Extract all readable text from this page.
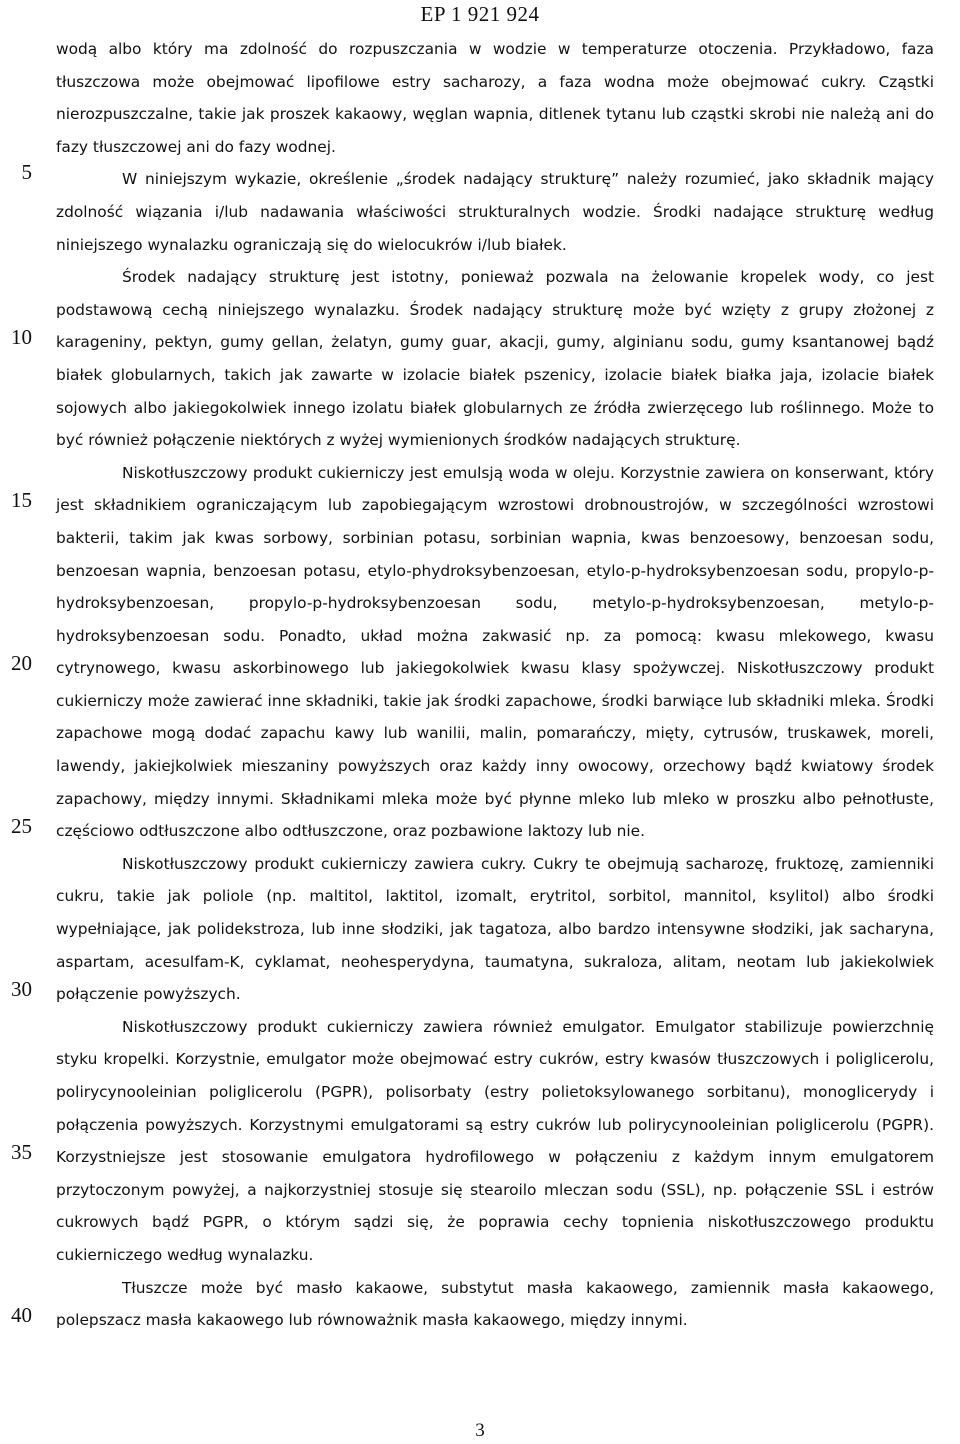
EP 1 921 924
5
10
15
20
25
30
35
40

wodą albo który ma zdolność do rozpuszczania w wodzie w temperaturze otoczenia. Przykładowo, faza tłuszczowa może obejmować lipofilowe estry sacharozy, a faza wodna może obejmować cukry. Cząstki nierozpuszczalne, takie jak proszek kakaowy, węglan wapnia, ditlenek tytanu lub cząstki skrobi nie należą ani do fazy tłuszczowej ani do fazy wodnej.

W niniejszym wykazie, określenie „środek nadający strukturę” należy rozumieć, jako składnik mający zdolność wiązania i/lub nadawania właściwości strukturalnych wodzie. Środki nadające strukturę według niniejszego wynalazku ograniczają się do wielocukrów i/lub białek.

Środek nadający strukturę jest istotny, ponieważ pozwala na żelowanie kropelek wody, co jest podstawową cechą niniejszego wynalazku. Środek nadający strukturę może być wzięty z grupy złożonej z karageniny, pektyn, gumy gellan, żelatyn, gumy guar, akacji, gumy, alginianu sodu, gumy ksantanowej bądź białek globularnych, takich jak zawarte w izolacie białek pszenicy, izolacie białek białka jaja, izolacie białek sojowych albo jakiegokolwiek innego izolatu białek globularnych ze źródła zwierzęcego lub roślinnego. Może to być również połączenie niektórych z wyżej wymienionych środków nadających strukturę.

Niskotłuszczowy produkt cukierniczy jest emulsją woda w oleju. Korzystnie zawiera on konserwant, który jest składnikiem ograniczającym lub zapobiegającym wzrostowi drobnoustrojów, w szczególności wzrostowi bakterii, takim jak kwas sorbowy, sorbinian potasu, sorbinian wapnia, kwas benzoesowy, benzoesan sodu, benzoesan wapnia, benzoesan potasu, etylo-phydroksybenzoesan, etylo-p-hydroksybenzoesan sodu, propylo-p-hydroksybenzoesan, propylo-p-hydroksybenzoesan sodu, metylo-p-hydroksybenzoesan, metylo-p-hydroksybenzoesan sodu. Ponadto, układ można zakwasić np. za pomocą: kwasu mlekowego, kwasu cytrynowego, kwasu askorbinowego lub jakiegokolwiek kwasu klasy spożywczej. Niskotłuszczowy produkt cukierniczy może zawierać inne składniki, takie jak środki zapachowe, środki barwiące lub składniki mleka. Środki zapachowe mogą dodać zapachu kawy lub wanilii, malin, pomarańczy, mięty, cytrusów, truskawek, moreli, lawendy, jakiejkolwiek mieszaniny powyższych oraz każdy inny owocowy, orzechowy bądź kwiatowy środek zapachowy, między innymi. Składnikami mleka może być płynne mleko lub mleko w proszku albo pełnotłuste, częściowo odtłuszczone albo odtłuszczone, oraz pozbawione laktozy lub nie.

Niskotłuszczowy produkt cukierniczy zawiera cukry. Cukry te obejmują sacharozę, fruktozę, zamienniki cukru, takie jak poliole (np. maltitol, laktitol, izomalt, erytritol, sorbitol, mannitol, ksylitol) albo środki wypełniające, jak polidekstroza, lub inne słodziki, jak tagatoza, albo bardzo intensywne słodziki, jak sacharyna, aspartam, acesulfam-K, cyklamat, neohesperydyna, taumatyna, sukraloza, alitam, neotam lub jakiekolwiek połączenie powyższych.

Niskotłuszczowy produkt cukierniczy zawiera również emulgator. Emulgator stabilizuje powierzchnię styku kropelki. Korzystnie, emulgator może obejmować estry cukrów, estry kwasów tłuszczowych i poliglicerolu, polirycynooleinian poliglicerolu (PGPR), polisorbaty (estry polietoksylowanego sorbitanu), monoglicerydy i połączenia powyższych. Korzystnymi emulgatorami są estry cukrów lub polirycynooleinian poliglicerolu (PGPR). Korzystniejsze jest stosowanie emulgatora hydrofilowego w połączeniu z każdym innym emulgatorem przytoczonym powyżej, a najkorzystniej stosuje się stearoilo mleczan sodu (SSL), np. połączenie SSL i estrów cukrowych bądź PGPR, o którym sądzi się, że poprawia cechy topnienia niskotłuszczowego produktu cukierniczego według wynalazku.

Tłuszcze może być masło kakaowe, substytut masła kakaowego, zamiennik masła kakaowego, polepszacz masła kakaowego lub równoważnik masła kakaowego, między innymi.

3
